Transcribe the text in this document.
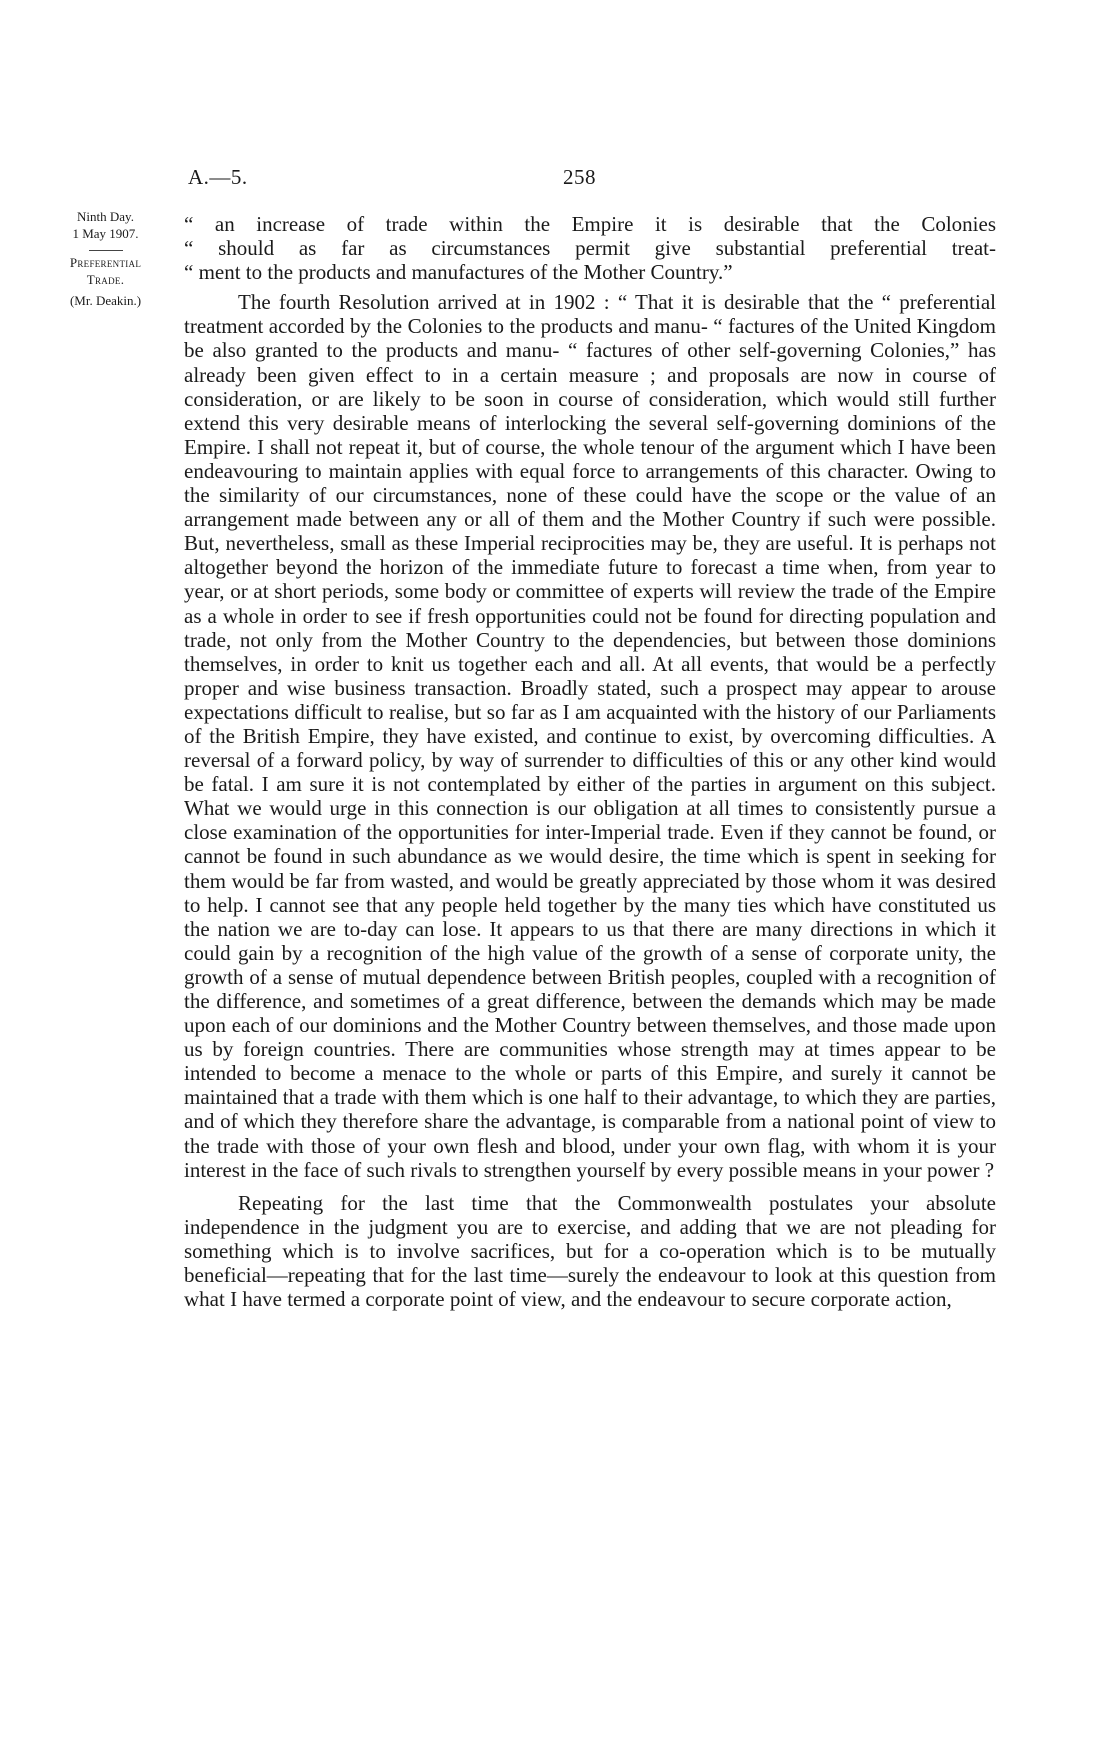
A.—5.	258
Ninth Day.
1 May 1907.
Preferential
Trade.
(Mr. Deakin.)

“ an increase of trade within the Empire it is desirable that the Colonies
“ should as far as circumstances permit give substantial preferential treat-
“ ment to the products and manufactures of the Mother Country.”

The fourth Resolution arrived at in 1902 : “ That it is desirable that the “ preferential treatment accorded by the Colonies to the products and manu- “ factures of the United Kingdom be also granted to the products and manu- “ factures of other self-governing Colonies,” has already been given effect to in a certain measure ; and proposals are now in course of consideration, or are likely to be soon in course of consideration, which would still further extend this very desirable means of interlocking the several self-governing dominions of the Empire. I shall not repeat it, but of course, the whole tenour of the argument which I have been endeavouring to maintain applies with equal force to arrangements of this character. Owing to the similarity of our circumstances, none of these could have the scope or the value of an arrangement made between any or all of them and the Mother Country if such were possible. But, nevertheless, small as these Imperial reciprocities may be, they are useful. It is perhaps not altogether beyond the horizon of the immediate future to forecast a time when, from year to year, or at short periods, some body or committee of experts will review the trade of the Empire as a whole in order to see if fresh opportunities could not be found for directing population and trade, not only from the Mother Country to the dependencies, but between those dominions themselves, in order to knit us together each and all. At all events, that would be a perfectly proper and wise business transaction. Broadly stated, such a prospect may appear to arouse expectations difficult to realise, but so far as I am acquainted with the history of our Parliaments of the British Empire, they have existed, and continue to exist, by overcoming difficulties. A reversal of a forward policy, by way of surrender to difficulties of this or any other kind would be fatal. I am sure it is not contemplated by either of the parties in argument on this subject. What we would urge in this connection is our obligation at all times to consistently pursue a close examination of the opportunities for inter-Imperial trade. Even if they cannot be found, or cannot be found in such abundance as we would desire, the time which is spent in seeking for them would be far from wasted, and would be greatly appreciated by those whom it was desired to help. I cannot see that any people held together by the many ties which have constituted us the nation we are to-day can lose. It appears to us that there are many directions in which it could gain by a recognition of the high value of the growth of a sense of corporate unity, the growth of a sense of mutual dependence between British peoples, coupled with a recognition of the difference, and sometimes of a great difference, between the demands which may be made upon each of our dominions and the Mother Country between themselves, and those made upon us by foreign countries. There are communities whose strength may at times appear to be intended to become a menace to the whole or parts of this Empire, and surely it cannot be maintained that a trade with them which is one half to their advantage, to which they are parties, and of which they therefore share the advantage, is comparable from a national point of view to the trade with those of your own flesh and blood, under your own flag, with whom it is your interest in the face of such rivals to strengthen yourself by every possible means in your power ?

Repeating for the last time that the Commonwealth postulates your absolute independence in the judgment you are to exercise, and adding that we are not pleading for something which is to involve sacrifices, but for a co-operation which is to be mutually beneficial—repeating that for the last time—surely the endeavour to look at this question from what I have termed a corporate point of view, and the endeavour to secure corporate action,
